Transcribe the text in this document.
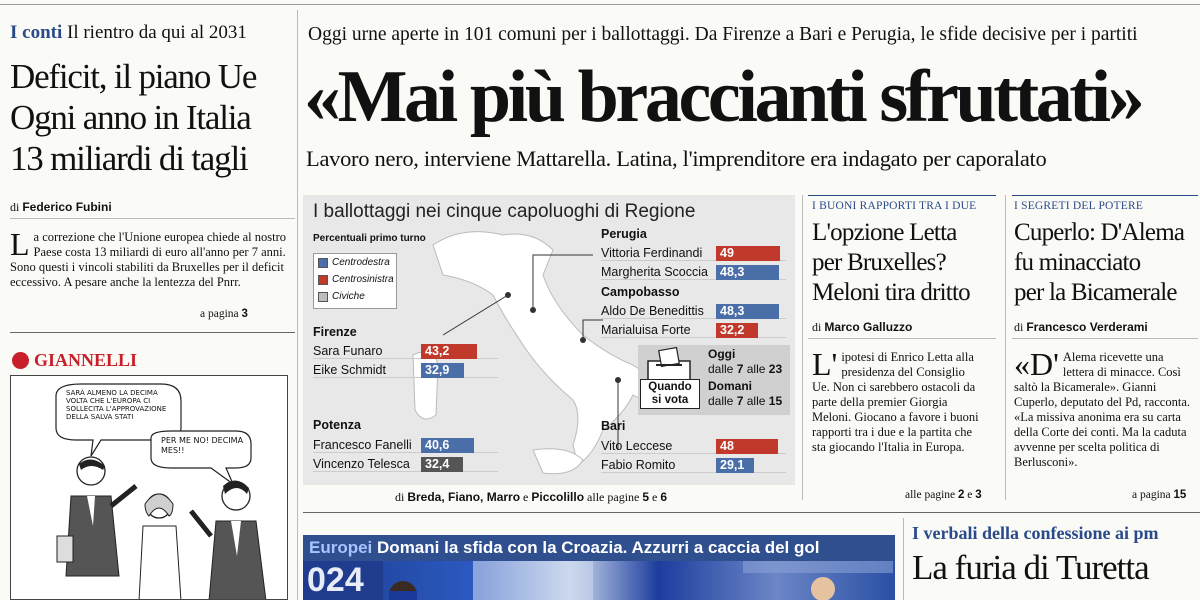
I conti Il rientro da qui al 2031
Deficit, il piano Ue
Ogni anno in Italia
13 miliardi di tagli
di Federico Fubini
La correzione che l'Unione europea chiede al nostro Paese costa 13 miliardi di euro all'anno per 7 anni. Sono questi i vincoli stabiliti da Bruxelles per il deficit eccessivo. A pesare anche la lentezza del Pnrr.
a pagina 3
GIANNELLI
SARÀ ALMENO LA DECIMA VOLTA CHE L'EUROPA CI SOLLECITA L'APPROVAZIONE DELLA SALVA STATI
PER ME NO! DECIMA MES!!
Oggi urne aperte in 101 comuni per i ballottaggi. Da Firenze a Bari e Perugia, le sfide decisive per i partiti
«Mai più braccianti sfruttati»
Lavoro nero, interviene Mattarella. Latina, l'imprenditore era indagato per caporalato
I ballottaggi nei cinque capoluoghi di Regione
Percentuali primo turno
Centrodestra
Centrosinistra
Civiche
Perugia
Vittoria Ferdinandi	49
Margherita Scoccia 48,3
Campobasso
Aldo De Benedittis	48,3
Marialuisa Forte	32,2
Firenze
Sara Funaro	43,2
Eike Schmidt	32,9
Quando
si vota
Oggi
dalle 7 alle 23
Domani
dalle 7 alle 15
Potenza
Francesco Fanelli	40,6
Vincenzo Telesca	32,4
Bari
Vito Leccese	48
Fabio Romito	29,1
di Breda, Fiano, Marro e Piccolillo alle pagine 5 e 6
I BUONI RAPPORTI TRA I DUE
L'opzione Letta
per Bruxelles?
Meloni tira dritto
di Marco Galluzzo
L' ipotesi di Enrico Letta alla presidenza del Consiglio Ue. Non ci sarebbero ostacoli da parte della premier Giorgia Meloni. Giocano a favore i buoni rapporti tra i due e la partita che sta giocando l'Italia in Europa.
alle pagine 2 e 3
I SEGRETI DEL POTERE
Cuperlo: D'Alema
fu minacciato
per la Bicamerale
di Francesco Verderami
«D' Alema ricevette una lettera di minacce. Così saltò la Bicamerale». Gianni Cuperlo, deputato del Pd, racconta. «La missiva anonima era su carta della Corte dei conti. Ma la caduta avvenne per scelta politica di Berlusconi».
a pagina 15
Europei Domani la sfida con la Croazia. Azzurri a caccia del gol
024
I verbali della confessione ai pm
La furia di Turetta
